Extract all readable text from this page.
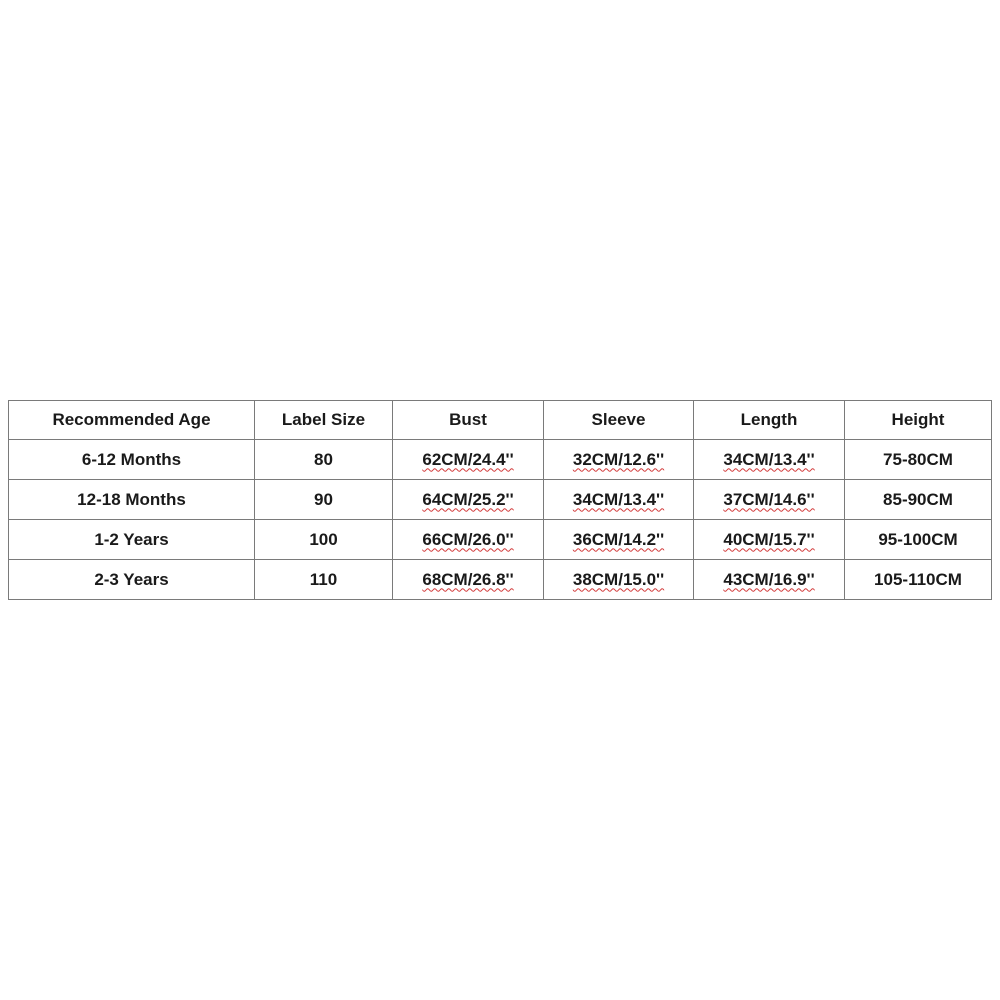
Recommended Age	Label Size	Bust	Sleeve	Length	Height
6-12 Months	80	62CM/24.4''	32CM/12.6''	34CM/13.4''	75-80CM
12-18 Months	90	64CM/25.2''	34CM/13.4''	37CM/14.6''	85-90CM
1-2 Years	100	66CM/26.0''	36CM/14.2''	40CM/15.7''	95-100CM
2-3 Years	110	68CM/26.8''	38CM/15.0''	43CM/16.9''	105-110CM
